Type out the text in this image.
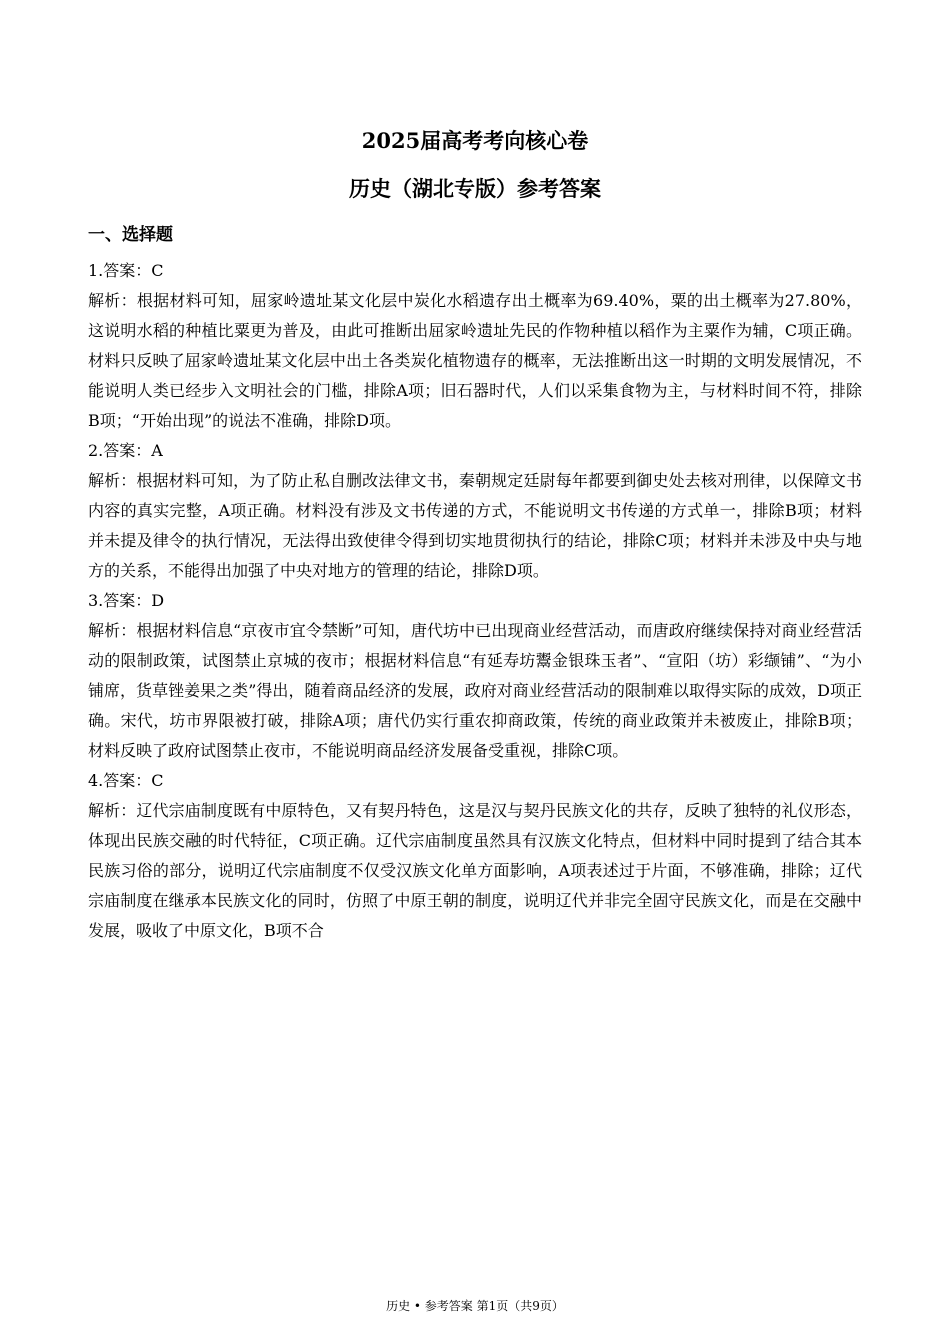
2025届高考考向核心卷
历史（湖北专版）参考答案
一、选择题

1.答案：C

解析：根据材料可知，屈家岭遗址某文化层中炭化水稻遗存出土概率为69.40%，粟的出土概率为27.80%，这说明水稻的种植比粟更为普及，由此可推断出屈家岭遗址先民的作物种植以稻作为主粟作为辅，C项正确。材料只反映了屈家岭遗址某文化层中出土各类炭化植物遗存的概率，无法推断出这一时期的文明发展情况，不能说明人类已经步入文明社会的门槛，排除A项；旧石器时代，人们以采集食物为主，与材料时间不符，排除B项；“开始出现”的说法不准确，排除D项。

2.答案：A

解析：根据材料可知，为了防止私自删改法律文书，秦朝规定廷尉每年都要到御史处去核对刑律，以保障文书内容的真实完整，A项正确。材料没有涉及文书传递的方式，不能说明文书传递的方式单一，排除B项；材料并未提及律令的执行情况，无法得出致使律令得到切实地贯彻执行的结论，排除C项；材料并未涉及中央与地方的关系，不能得出加强了中央对地方的管理的结论，排除D项。

3.答案：D

解析：根据材料信息“京夜市宜令禁断”可知，唐代坊中已出现商业经营活动，而唐政府继续保持对商业经营活动的限制政策，试图禁止京城的夜市；根据材料信息“有延寿坊鬻金银珠玉者”、“宣阳（坊）彩缬铺”、“为小铺席，货草锉姜果之类”得出，随着商品经济的发展，政府对商业经营活动的限制难以取得实际的成效，D项正确。宋代，坊市界限被打破，排除A项；唐代仍实行重农抑商政策，传统的商业政策并未被废止，排除B项；材料反映了政府试图禁止夜市，不能说明商品经济发展备受重视，排除C项。

4.答案：C

解析：辽代宗庙制度既有中原特色，又有契丹特色，这是汉与契丹民族文化的共存，反映了独特的礼仪形态，体现出民族交融的时代特征，C项正确。辽代宗庙制度虽然具有汉族文化特点，但材料中同时提到了结合其本民族习俗的部分，说明辽代宗庙制度不仅受汉族文化单方面影响，A项表述过于片面，不够准确，排除；辽代宗庙制度在继承本民族文化的同时，仿照了中原王朝的制度，说明辽代并非完全固守民族文化，而是在交融中发展，吸收了中原文化，B项不合

历史 • 参考答案 第1页（共9页）
